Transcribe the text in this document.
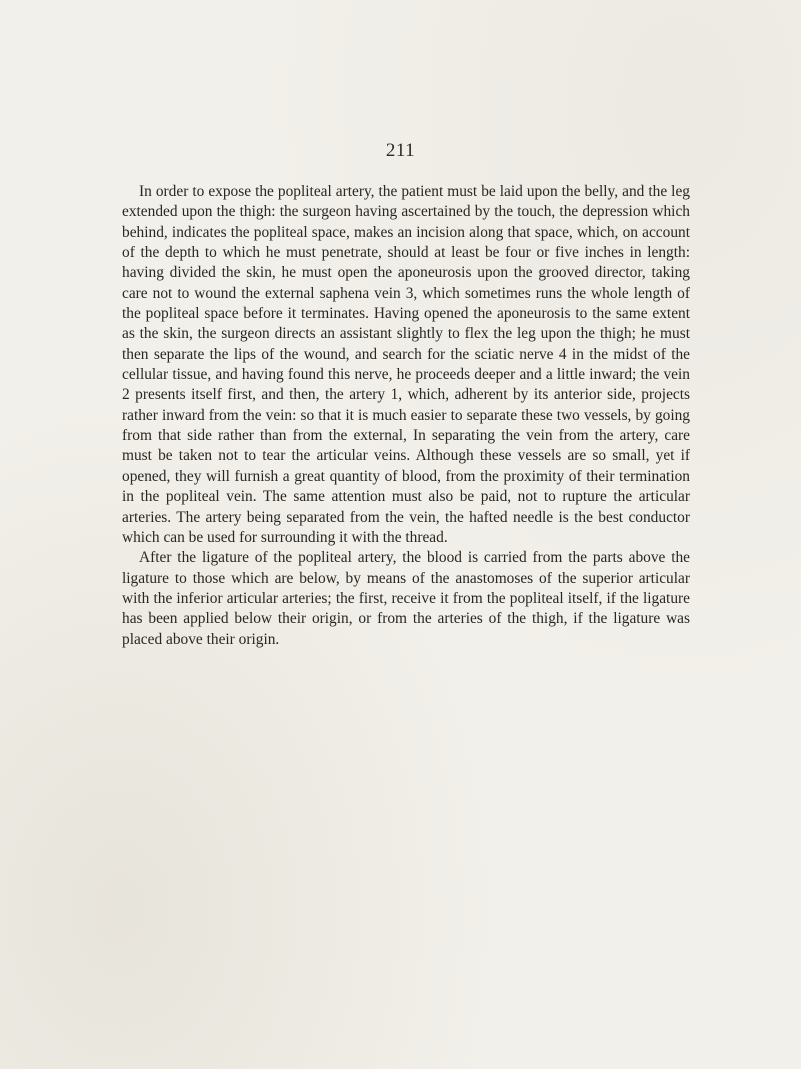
211

In order to expose the popliteal artery, the patient must be laid upon the belly, and the leg extended upon the thigh: the surgeon having ascertained by the touch, the depression which behind, indicates the popliteal space, makes an incision along that space, which, on account of the depth to which he must penetrate, should at least be four or five inches in length: having divided the skin, he must open the aponeurosis upon the grooved director, taking care not to wound the external saphena vein 3, which sometimes runs the whole length of the popliteal space before it terminates. Having opened the aponeurosis to the same extent as the skin, the surgeon directs an assistant slightly to flex the leg upon the thigh; he must then separate the lips of the wound, and search for the sciatic nerve 4 in the midst of the cellular tissue, and having found this nerve, he proceeds deeper and a little inward; the vein 2 presents itself first, and then, the artery 1, which, adherent by its anterior side, projects rather inward from the vein: so that it is much easier to separate these two vessels, by going from that side rather than from the external, In separating the vein from the artery, care must be taken not to tear the articular veins. Although these vessels are so small, yet if opened, they will furnish a great quantity of blood, from the proximity of their termination in the popliteal vein. The same attention must also be paid, not to rupture the articular arteries. The artery being separated from the vein, the hafted needle is the best conductor which can be used for surrounding it with the thread.

After the ligature of the popliteal artery, the blood is carried from the parts above the ligature to those which are below, by means of the anastomoses of the superior articular with the inferior articular arteries; the first, receive it from the popliteal itself, if the ligature has been applied below their origin, or from the arteries of the thigh, if the ligature was placed above their origin.
